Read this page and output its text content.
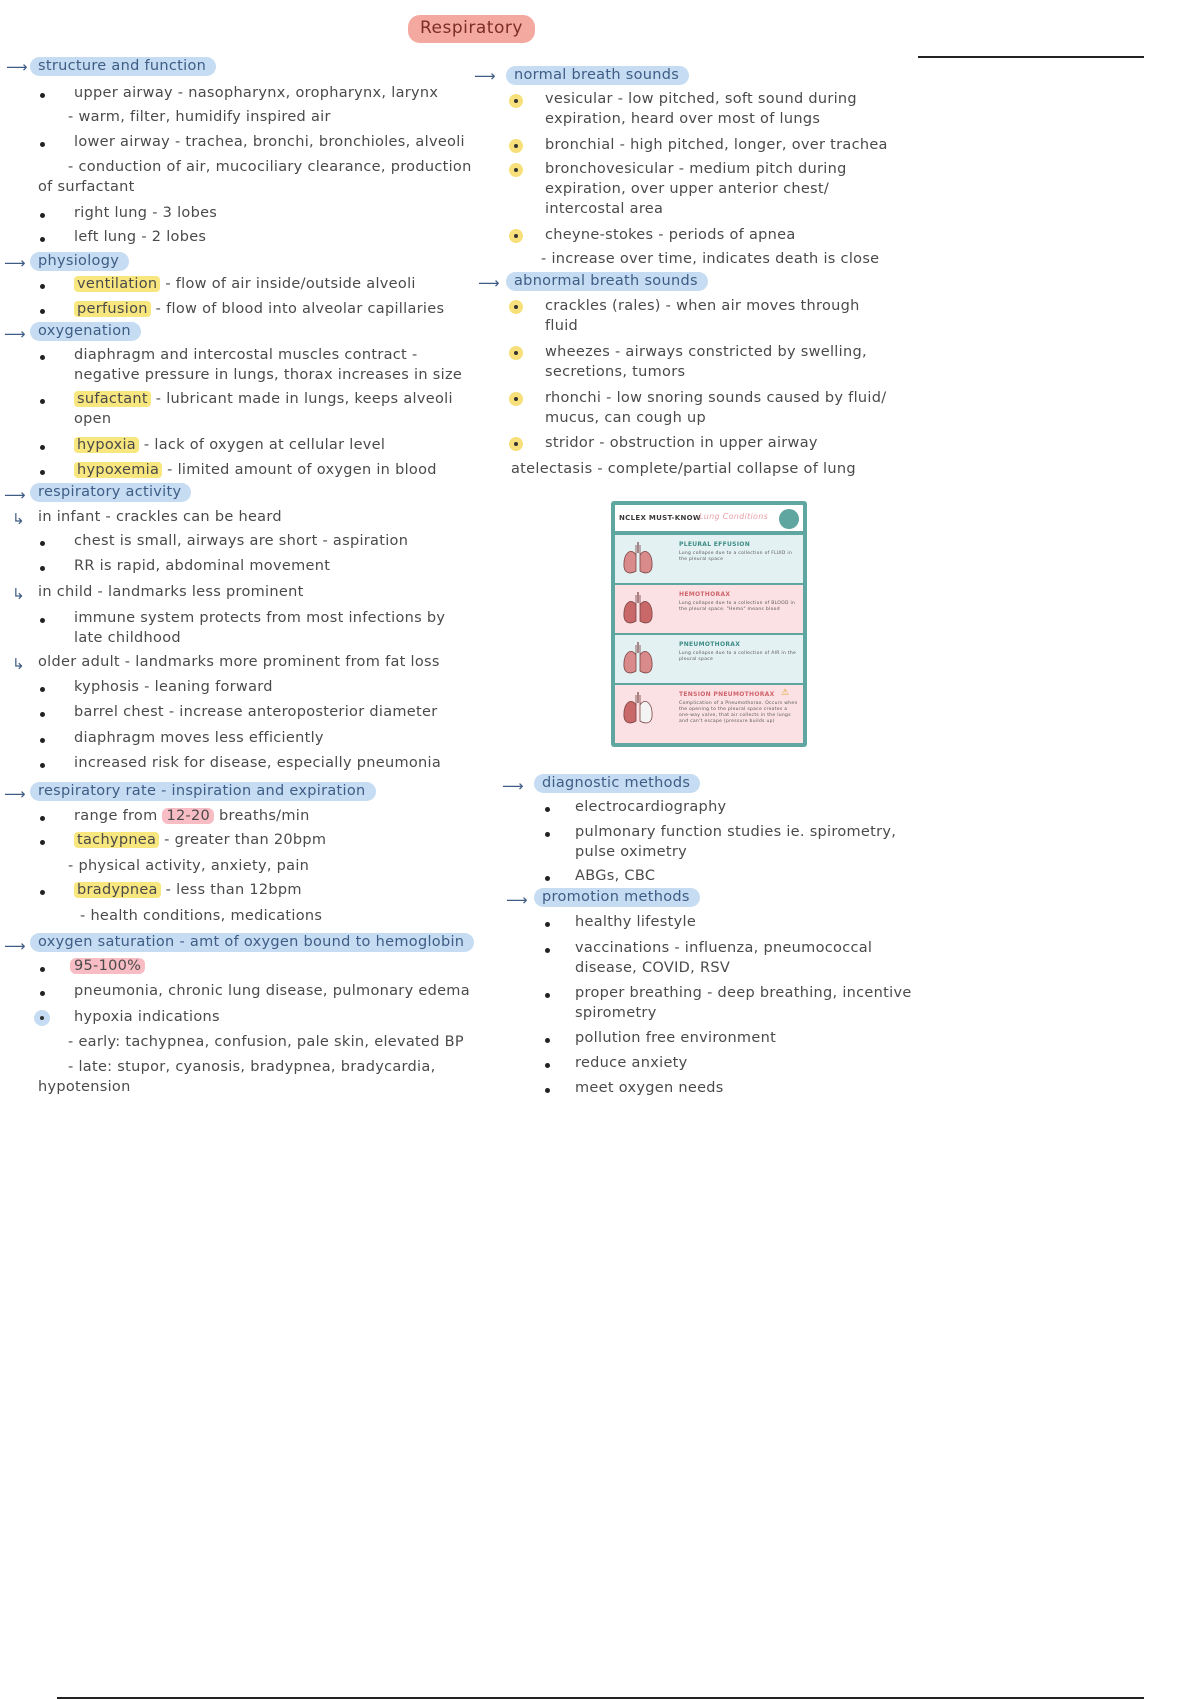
Respiratory
⟶ structure and function
upper airway - nasopharynx, oropharynx, larynx
- warm, filter, humidify inspired air
lower airway - trachea, bronchi, bronchioles, alveoli
- conduction of air, mucociliary clearance, production
of surfactant
right lung - 3 lobes
left lung - 2 lobes
⟶ physiology
ventilation - flow of air inside/outside alveoli
perfusion - flow of blood into alveolar capillaries
⟶ oxygenation
diaphragm and intercostal muscles contract -
negative pressure in lungs, thorax increases in size
sufactant - lubricant made in lungs, keeps alveoli
open
hypoxia - lack of oxygen at cellular level
hypoxemia - limited amount of oxygen in blood
⟶ respiratory activity
↳ in infant - crackles can be heard
chest is small, airways are short - aspiration
RR is rapid, abdominal movement
↳ in child - landmarks less prominent
immune system protects from most infections by
late childhood
↳ older adult - landmarks more prominent from fat loss
kyphosis - leaning forward
barrel chest - increase anteroposterior diameter
diaphragm moves less efficiently
increased risk for disease, especially pneumonia
⟶ respiratory rate - inspiration and expiration
range from 12-20 breaths/min
tachypnea - greater than 20bpm
- physical activity, anxiety, pain
bradypnea - less than 12bpm
- health conditions, medications
⟶ oxygen saturation - amt of oxygen bound to hemoglobin
95-100%
pneumonia, chronic lung disease, pulmonary edema
hypoxia indications
- early: tachypnea, confusion, pale skin, elevated BP
- late: stupor, cyanosis, bradypnea, bradycardia,
hypotension
⟶	normal breath sounds
vesicular - low pitched, soft sound during
expiration, heard over most of lungs
bronchial - high pitched, longer, over trachea
bronchovesicular - medium pitch during
expiration, over upper anterior chest/
intercostal area
cheyne-stokes - periods of apnea
- increase over time, indicates death is close
⟶ abnormal breath sounds
crackles (rales) - when air moves through
fluid
wheezes - airways constricted by swelling,
secretions, tumors
rhonchi - low snoring sounds caused by fluid/
mucus, can cough up
stridor - obstruction in upper airway
atelectasis - complete/partial collapse of lung
NCLEX MUST-KNOW
Lung Conditions
PLEURAL EFFUSION
Lung collapse due to a collection of FLUID in the pleural space
HEMOTHORAX
Lung collapse due to a collection of BLOOD in the pleural space. "Hemo" means blood
PNEUMOTHORAX
Lung collapse due to a collection of AIR in the pleural space
TENSION PNEUMOTHORAX ⚠
Complication of a Pneumothorax. Occurs when the opening to the pleural space creates a one-way valve, that air collects in the lungs and can't escape (pressure builds up)
⟶	diagnostic methods
electrocardiography
pulmonary function studies ie. spirometry,
pulse oximetry
ABGs, CBC
⟶ promotion methods
healthy lifestyle
vaccinations - influenza, pneumococcal
disease, COVID, RSV
proper breathing - deep breathing, incentive
spirometry
pollution free environment
reduce anxiety
meet oxygen needs
